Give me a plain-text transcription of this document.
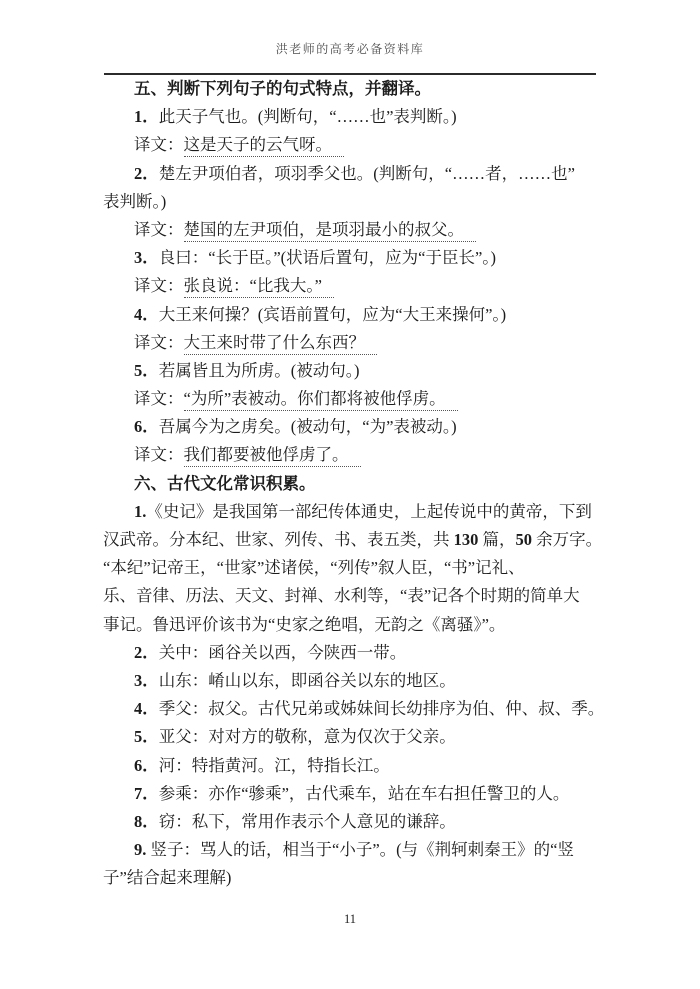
洪老师的高考必备资料库
五、判断下列句子的句式特点，并翻译。
1．此天子气也。(判断句，“……也”表判断。)
译文：这是天子的云气呀。
2．楚左尹项伯者，项羽季父也。(判断句，“……者，……也”
表判断。)
译文：楚国的左尹项伯，是项羽最小的叔父。
3．良曰：“长于臣。”(状语后置句，应为“于臣长”。)
译文：张良说：“比我大。”
4．大王来何操？(宾语前置句，应为“大王来操何”。)
译文：大王来时带了什么东西？
5．若属皆且为所虏。(被动句。)
译文：“为所”表被动。你们都将被他俘虏。
6．吾属今为之虏矣。(被动句，“为”表被动。)
译文：我们都要被他俘虏了。
六、古代文化常识积累。
1.《史记》是我国第一部纪传体通史，上起传说中的黄帝，下到
汉武帝。分本纪、世家、列传、书、表五类，共 130 篇，50 余万字。
“本纪”记帝王，“世家”述诸侯，“列传”叙人臣，“书”记礼、
乐、音律、历法、天文、封禅、水利等，“表”记各个时期的简单大
事记。鲁迅评价该书为“史家之绝唱，无韵之《离骚》”。
2．关中：函谷关以西，今陕西一带。
3．山东：崤山以东，即函谷关以东的地区。
4．季父：叔父。古代兄弟或姊妹间长幼排序为伯、仲、叔、季。
5．亚父：对对方的敬称，意为仅次于父亲。
6．河：特指黄河。江，特指长江。
7．参乘：亦作“骖乘”，古代乘车，站在车右担任警卫的人。
8．窃：私下，常用作表示个人意见的谦辞。
9. 竖子：骂人的话，相当于“小子”。(与《荆轲刺秦王》的“竖
子”结合起来理解)
11
